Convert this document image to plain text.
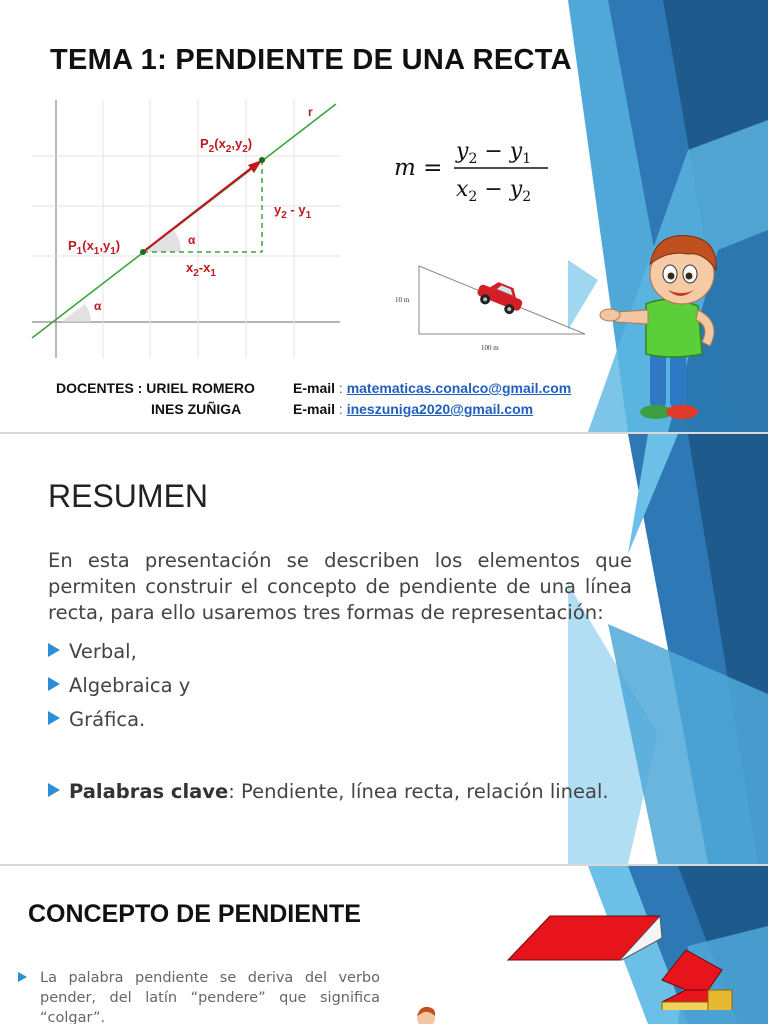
TEMA 1: PENDIENTE DE UNA RECTA
r
$P_2(x_2,y_2)$
$P_1(x_1,y_1)$
$y_2 - y_1$
$x_2-x_1$
α
α
m =
$y_2 - y_1$
$x_2 - y_2$
10 m
100 m
DOCENTES : URIEL ROMERO
INES ZUÑIGA
E-mail : matematicas.conalco@gmail.com
E-mail : ineszuniga2020@gmail.com
RESUMEN
En esta presentación se describen los elementos que permiten construir el concepto de pendiente de una línea recta, para ello usaremos tres formas de representación:
Verbal,
Algebraica y
Gráfica.
Palabras clave: Pendiente, línea recta, relación lineal.
CONCEPTO DE PENDIENTE
La palabra pendiente se deriva del verbo pender, del latín “pendere” que significa “colgar”.
